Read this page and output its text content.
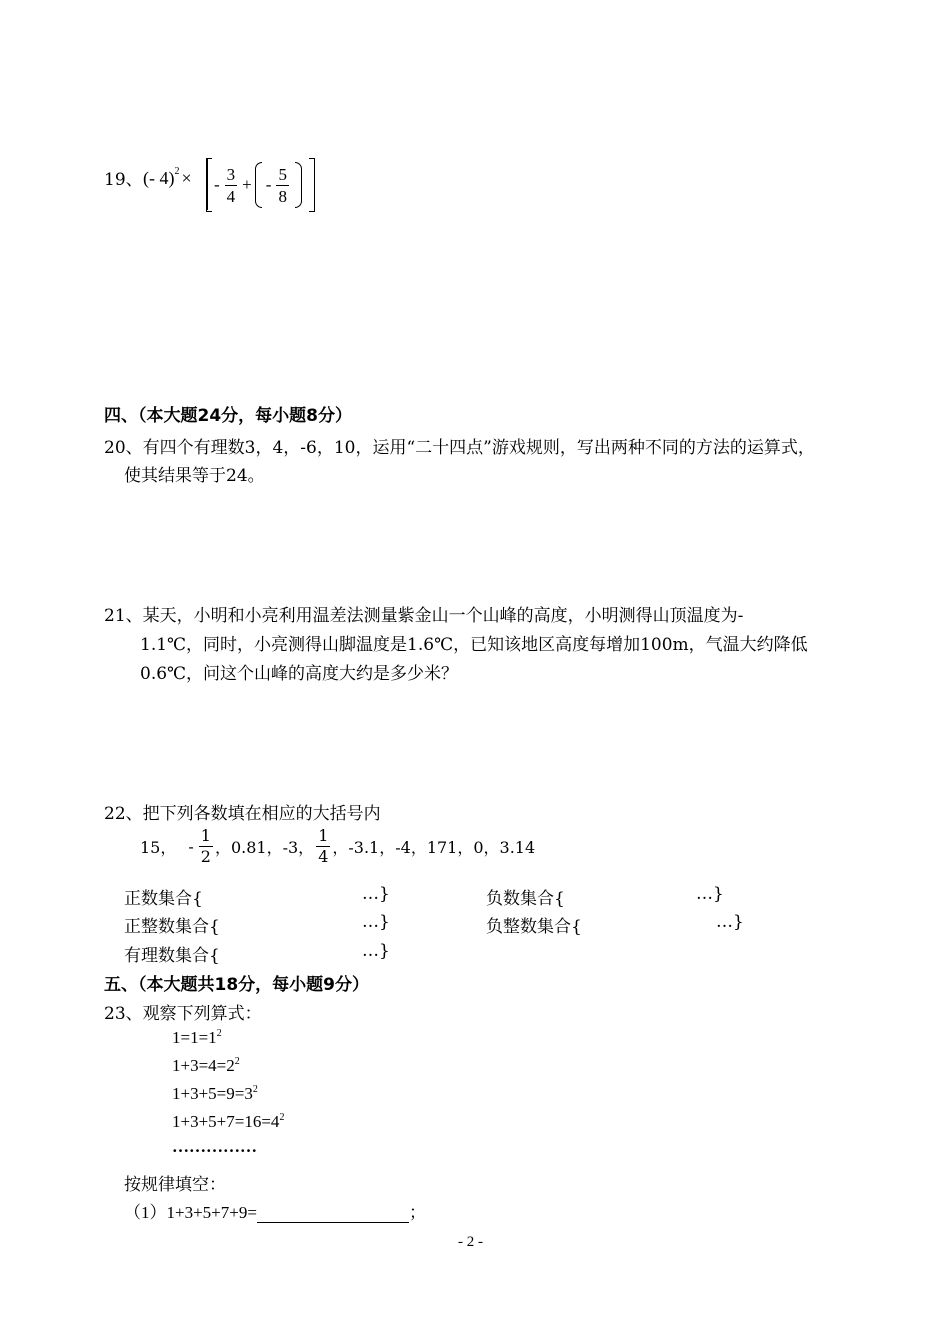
19、 (- 4)$^2$ × - $\frac{3}{4}$ + - $\frac{5}{8}$
四、（本大题24分，每小题8分）
20、有四个有理数3，4，-6，10，运用“二十四点”游戏规则，写出两种不同的方法的运算式，
使其结果等于24。
21、某天，小明和小亮利用温差法测量紫金山一个山峰的高度，小明测得山顶温度为-
1.1℃，同时，小亮测得山脚温度是1.6℃，已知该地区高度每增加100m，气温大约降低
0.6℃，问这个山峰的高度大约是多少米？
22、把下列各数填在相应的大括号内
15， - $\frac{1}{2}$ ，0.81，-3， $\frac{1}{4}$ ，-3.1，-4，171，0，3.14
正数集合{	…}	负数集合{	…}
正整数集合{	…}	负整数集合{	…}
有理数集合{	…}
五、（本大题共18分，每小题9分）
23、观察下列算式：
$1=1=1^2$
$1+3=4=2^2$
$1+3+5=9=3^2$
$1+3+5+7=16=4^2$
……………
按规律填空：
（1）1+3+5+7+9=	；
- 2 -
